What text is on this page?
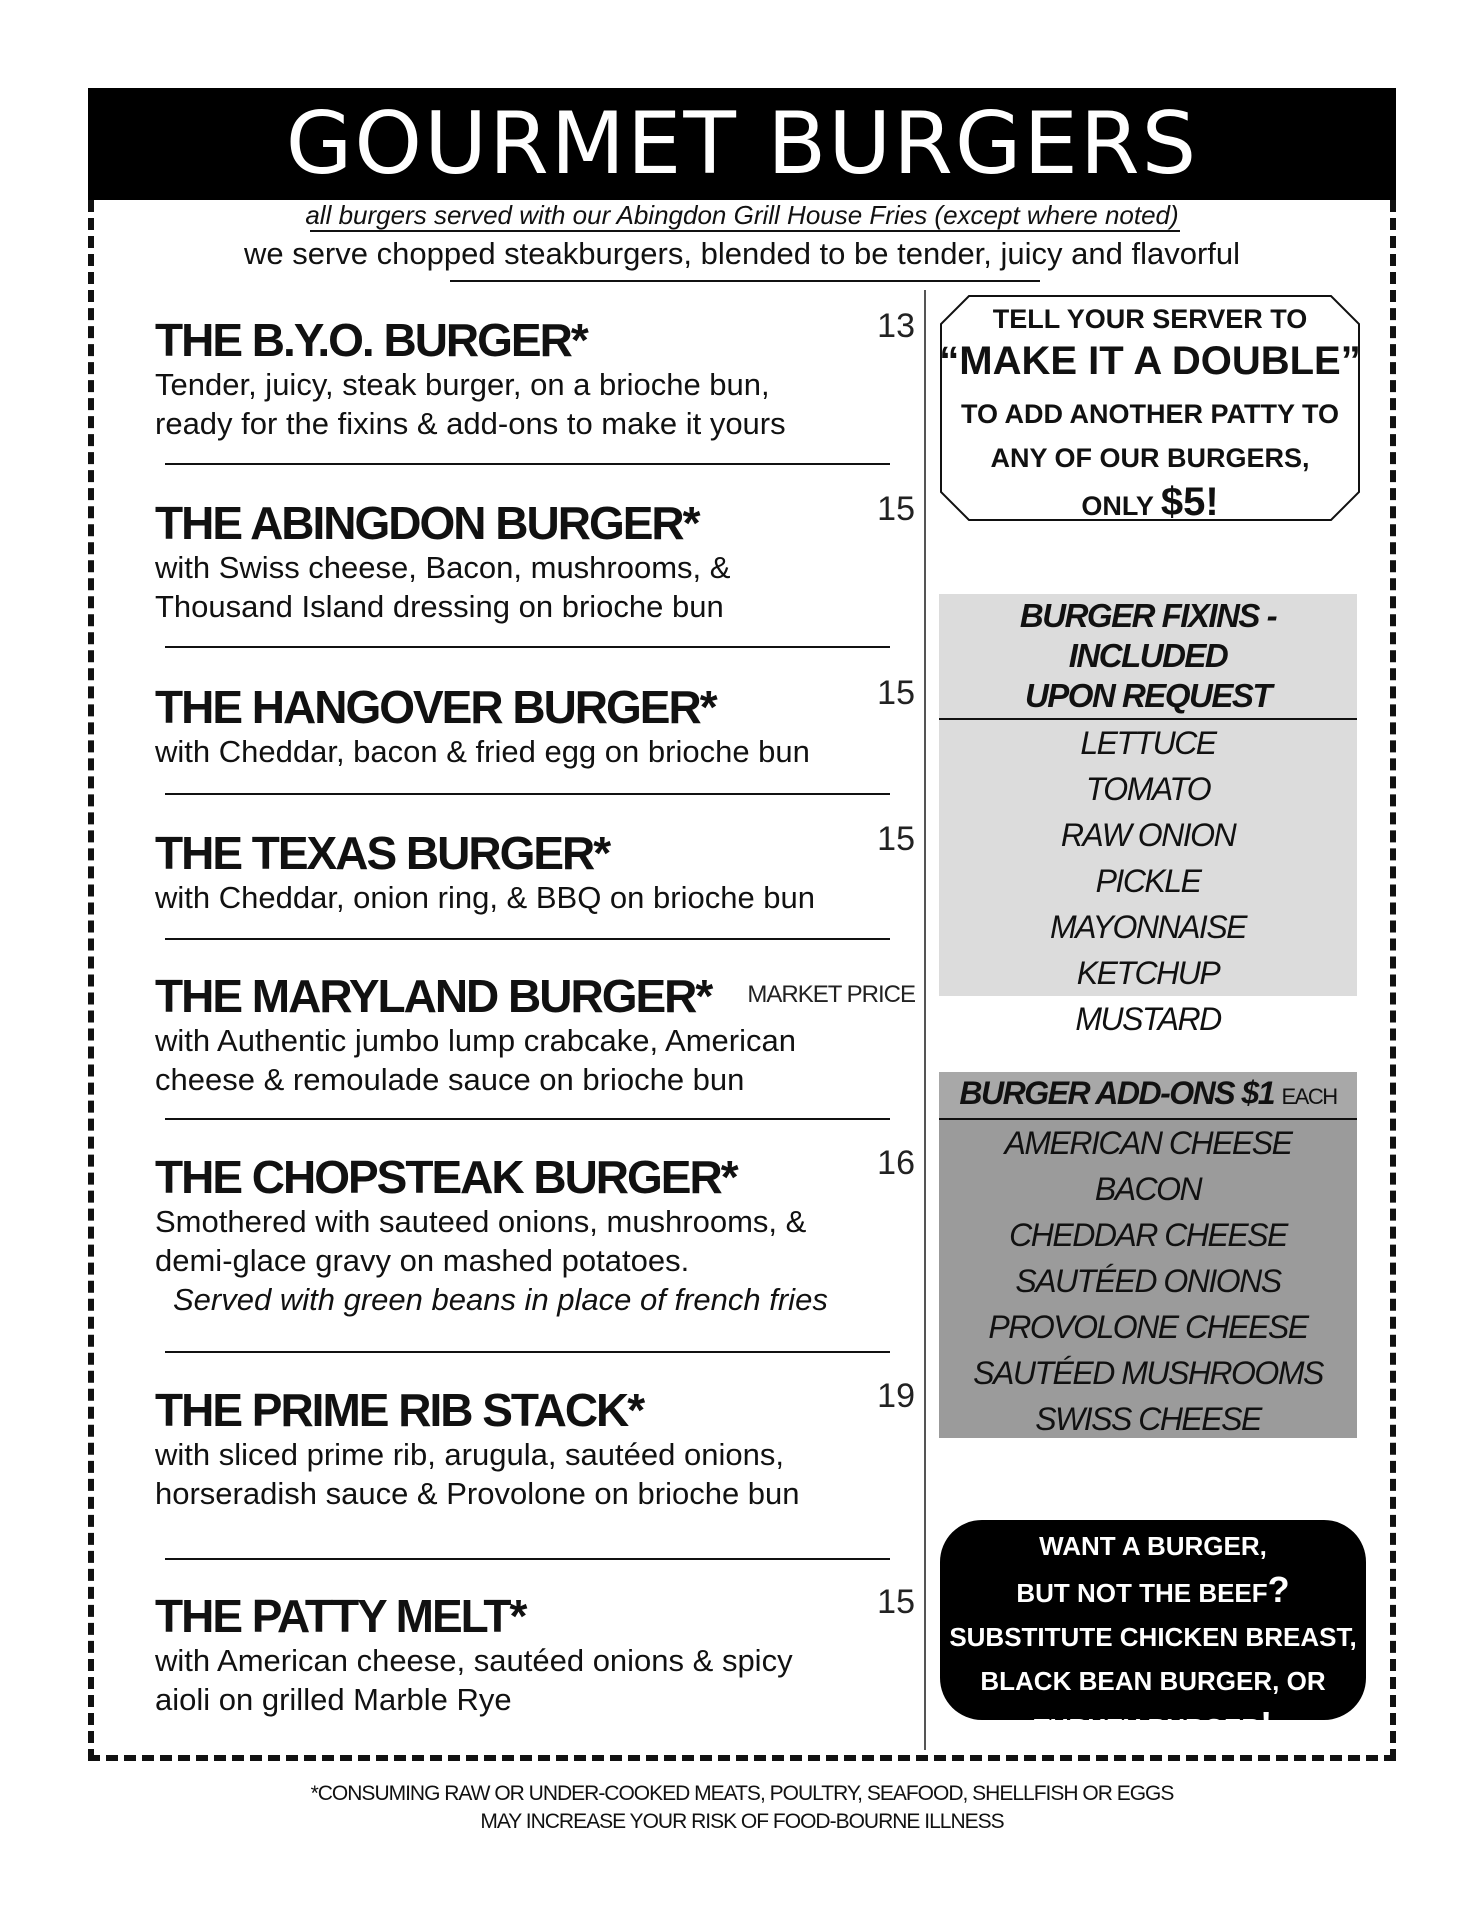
GOURMET BURGERS
all burgers served with our Abingdon Grill House Fries (except where noted)
we serve chopped steakburgers, blended to be tender, juicy and flavorful
THE B.Y.O. BURGER*	13
Tender, juicy, steak burger, on a brioche bun,
ready for the fixins & add-ons to make it yours
THE ABINGDON BURGER*	15
with Swiss cheese, Bacon, mushrooms, &
Thousand Island dressing on brioche bun
THE HANGOVER BURGER*	15
with Cheddar, bacon & fried egg on brioche bun
THE TEXAS BURGER*	15
with Cheddar, onion ring, & BBQ on brioche bun
THE MARYLAND BURGER*	MARKET PRICE
with Authentic jumbo lump crabcake, American
cheese & remoulade sauce on brioche bun
THE CHOPSTEAK BURGER*	16
Smothered with sauteed onions, mushrooms, &
demi-glace gravy on mashed potatoes.
Served with green beans in place of french fries
THE PRIME RIB STACK*	19
with sliced prime rib, arugula, sautéed onions,
horseradish sauce & Provolone on brioche bun
THE PATTY MELT*	15
with American cheese, sautéed onions & spicy
aioli on grilled Marble Rye
TELL YOUR SERVER TO
“MAKE IT A DOUBLE”
TO ADD ANOTHER PATTY TO
ANY OF OUR BURGERS,
ONLY $5!
BURGER FIXINS - INCLUDED
UPON REQUEST
LETTUCE
TOMATO
RAW ONION
PICKLE
MAYONNAISE
KETCHUP
MUSTARD
BURGER ADD-ONS $1 EACH
AMERICAN CHEESE
BACON
CHEDDAR CHEESE
SAUTÉED ONIONS
PROVOLONE CHEESE
SAUTÉED MUSHROOMS
SWISS CHEESE
WANT A BURGER,
BUT NOT THE BEEF?
SUBSTITUTE CHICKEN BREAST,
BLACK BEAN BURGER, OR
TURKEY BURGER!
*CONSUMING RAW OR UNDER-COOKED MEATS, POULTRY, SEAFOOD, SHELLFISH OR EGGS
MAY INCREASE YOUR RISK OF FOOD-BOURNE ILLNESS
